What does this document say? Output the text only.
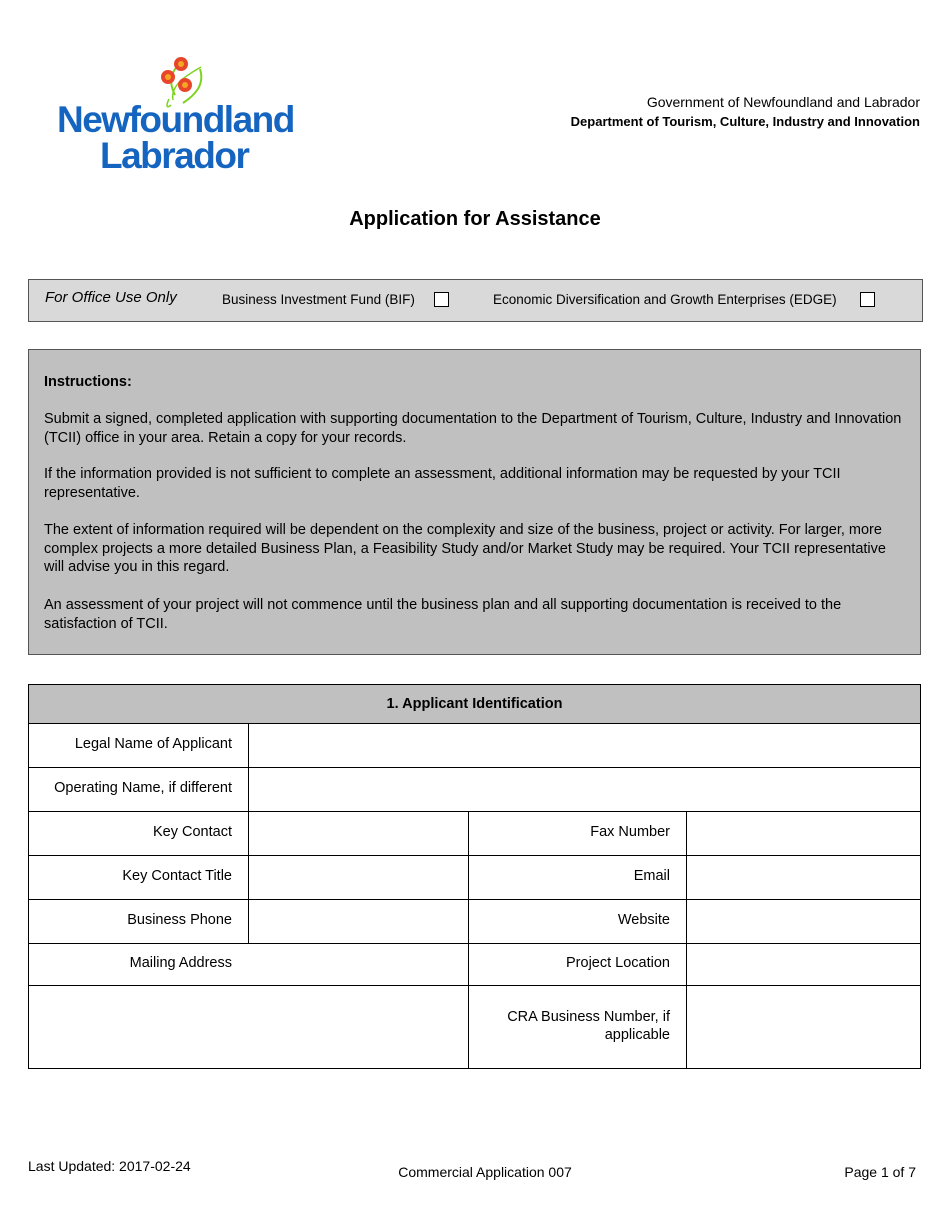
Newfoundland
Labrador
Government of Newfoundland and Labrador
Department of Tourism, Culture, Industry and Innovation
Application for Assistance
For Office Use Only	Business Investment Fund (BIF)	Economic Diversification and Growth Enterprises (EDGE)
Instructions:

Submit a signed, completed application with supporting documentation to the Department of Tourism, Culture, Industry and Innovation (TCII) office in your area. Retain a copy for your records.

If the information provided is not sufficient to complete an assessment, additional information may be requested by your TCII representative.

The extent of information required will be dependent on the complexity and size of the business, project or activity. For larger, more complex projects a more detailed Business Plan, a Feasibility Study and/or Market Study may be required. Your TCII representative will advise you in this regard.

An assessment of your project will not commence until the business plan and all supporting documentation is received to the satisfaction of TCII.

1. Applicant Identification
Legal Name of Applicant
Operating Name, if different
Key Contact	Fax Number
Key Contact Title	Email
Business Phone	Website
Mailing Address	Project Location
CRA Business Number, if applicable
Last Updated: 2017-02-24	Commercial Application 007	Page 1 of 7
